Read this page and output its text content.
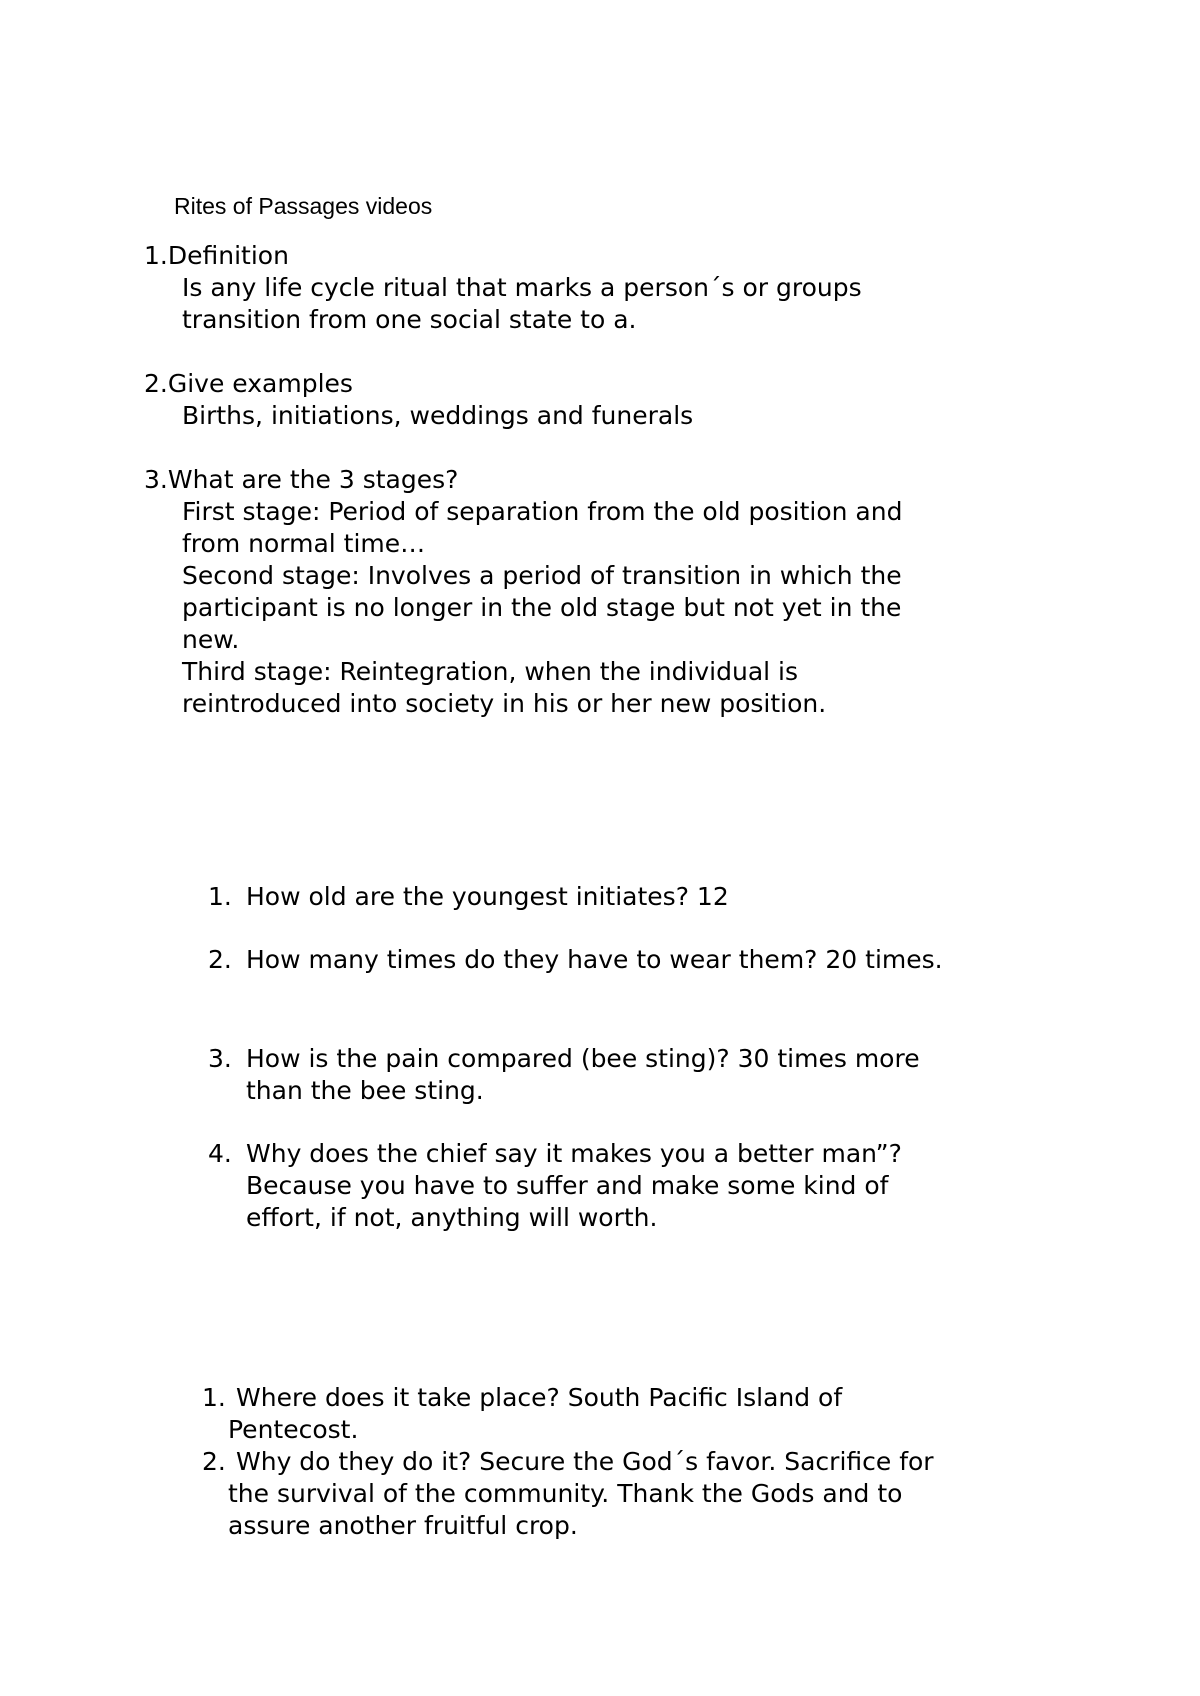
Rites of Passages videos
1.Definition
Is any life cycle ritual that marks a person´s or groups
transition from one social state to a.
2.Give examples
Births, initiations, weddings and funerals
3.What are the 3 stages?
First stage: Period of separation from the old position and
from normal time…
Second stage: Involves a period of transition in which the
participant is no longer in the old stage but not yet in the
new.
Third stage: Reintegration, when the individual is
reintroduced into society in his or her new position.
1. How old are the youngest initiates? 12
2. How many times do they have to wear them? 20 times.
3. How is the pain compared (bee sting)? 30 times more
than the bee sting.
4. Why does the chief say it makes you a better man”?
Because you have to suffer and make some kind of
effort, if not, anything will worth.
1. Where does it take place? South Pacific Island of
Pentecost.
2. Why do they do it? Secure the God´s favor. Sacrifice for
the survival of the community. Thank the Gods and to
assure another fruitful crop.
